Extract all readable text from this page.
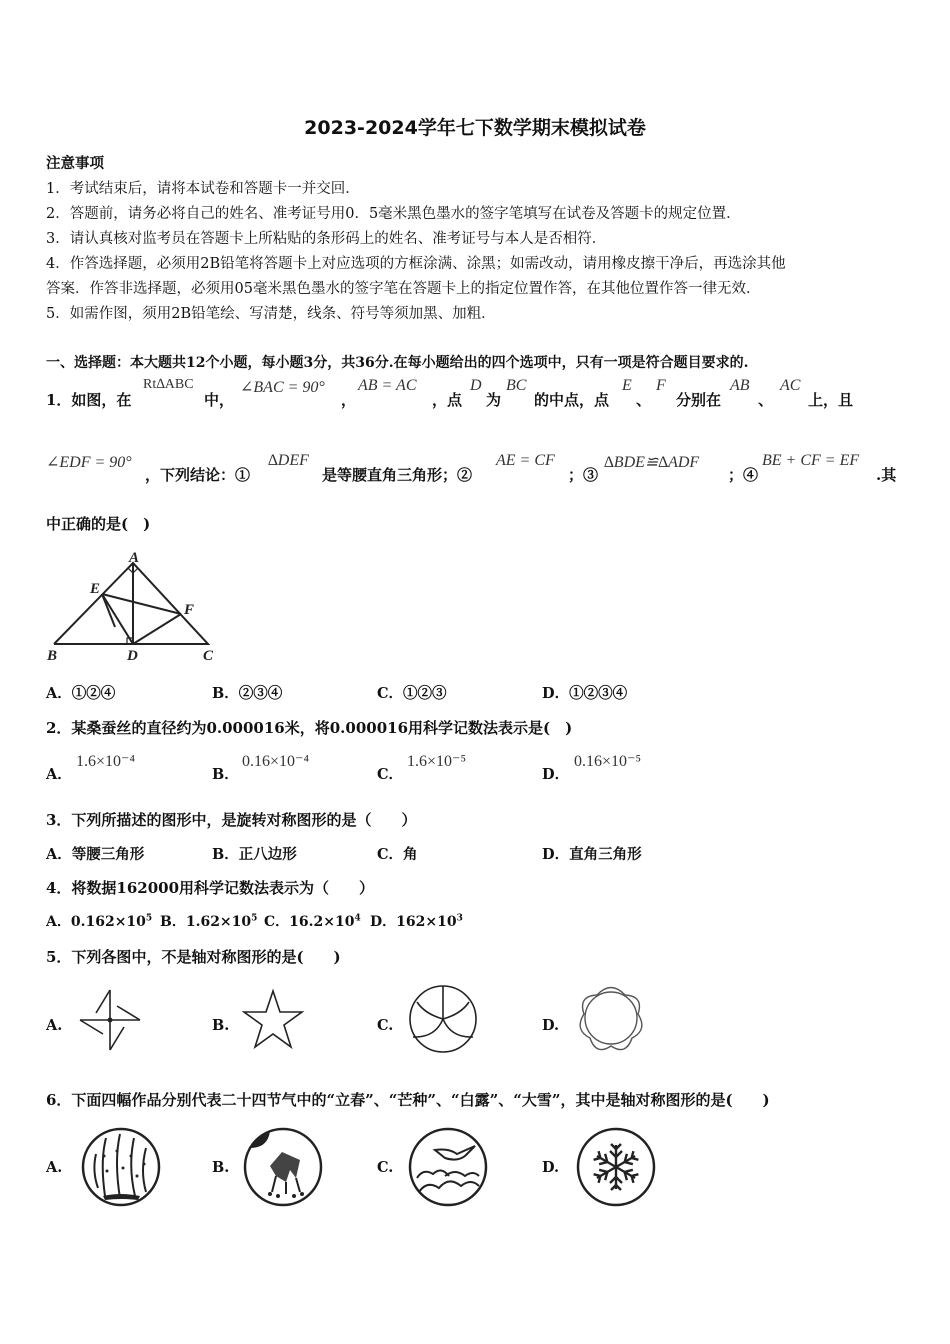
2023-2024学年七下数学期末模拟试卷
注意事项
1．考试结束后，请将本试卷和答题卡一并交回．
2．答题前，请务必将自己的姓名、准考证号用0．5毫米黑色墨水的签字笔填写在试卷及答题卡的规定位置．
3．请认真核对监考员在答题卡上所粘贴的条形码上的姓名、准考证号与本人是否相符．
4．作答选择题，必须用2B铅笔将答题卡上对应选项的方框涂满、涂黑；如需改动，请用橡皮擦干净后，再选涂其他
答案．作答非选择题，必须用05毫米黑色墨水的签字笔在答题卡上的指定位置作答，在其他位置作答一律无效．
5．如需作图，须用2B铅笔绘、写清楚，线条、符号等须加黑、加粗．
一、选择题：本大题共12个小题，每小题3分，共36分.在每小题给出的四个选项中，只有一项是符合题目要求的.
1．如图，在
Rt∆ABC
中，
∠BAC = 90°
，
AB = AC
，点
D
为
BC
的中点，点
E
、
F
分别在
AB
、
AC
上，且
∠EDF = 90°
，下列结论：①
∆DEF
是等腰直角三角形；②
AE = CF
；③
∆BDE≌∆ADF
；④
BE + CF = EF
.其
中正确的是(　)
A
E
F
B	D	C
A．①②④	B．②③④	C．①②③	D．①②③④
2．某桑蚕丝的直径约为0.000016米，将0.000016用科学记数法表示是(　)
A．
1.6×10⁻⁴
B．
0.16×10⁻⁴
C．
1.6×10⁻⁵
D．
0.16×10⁻⁵
3．下列所描述的图形中，是旋转对称图形的是（　　）
A．等腰三角形	B．正八边形	C．角	D．直角三角形
4．将数据162000用科学记数法表示为（　　）
A．$0.162\times 10^5$ B．$1.62\times 10^5$ C．$16.2\times 10^4$ D．$162\times 10^3$
5．下列各图中，不是轴对称图形的是(　　)
A.	B.	C.	D.
6．下面四幅作品分别代表二十四节气中的“立春”、“芒种”、“白露”、“大雪”，其中是轴对称图形的是(　　)
A.	B.	C.	D.
